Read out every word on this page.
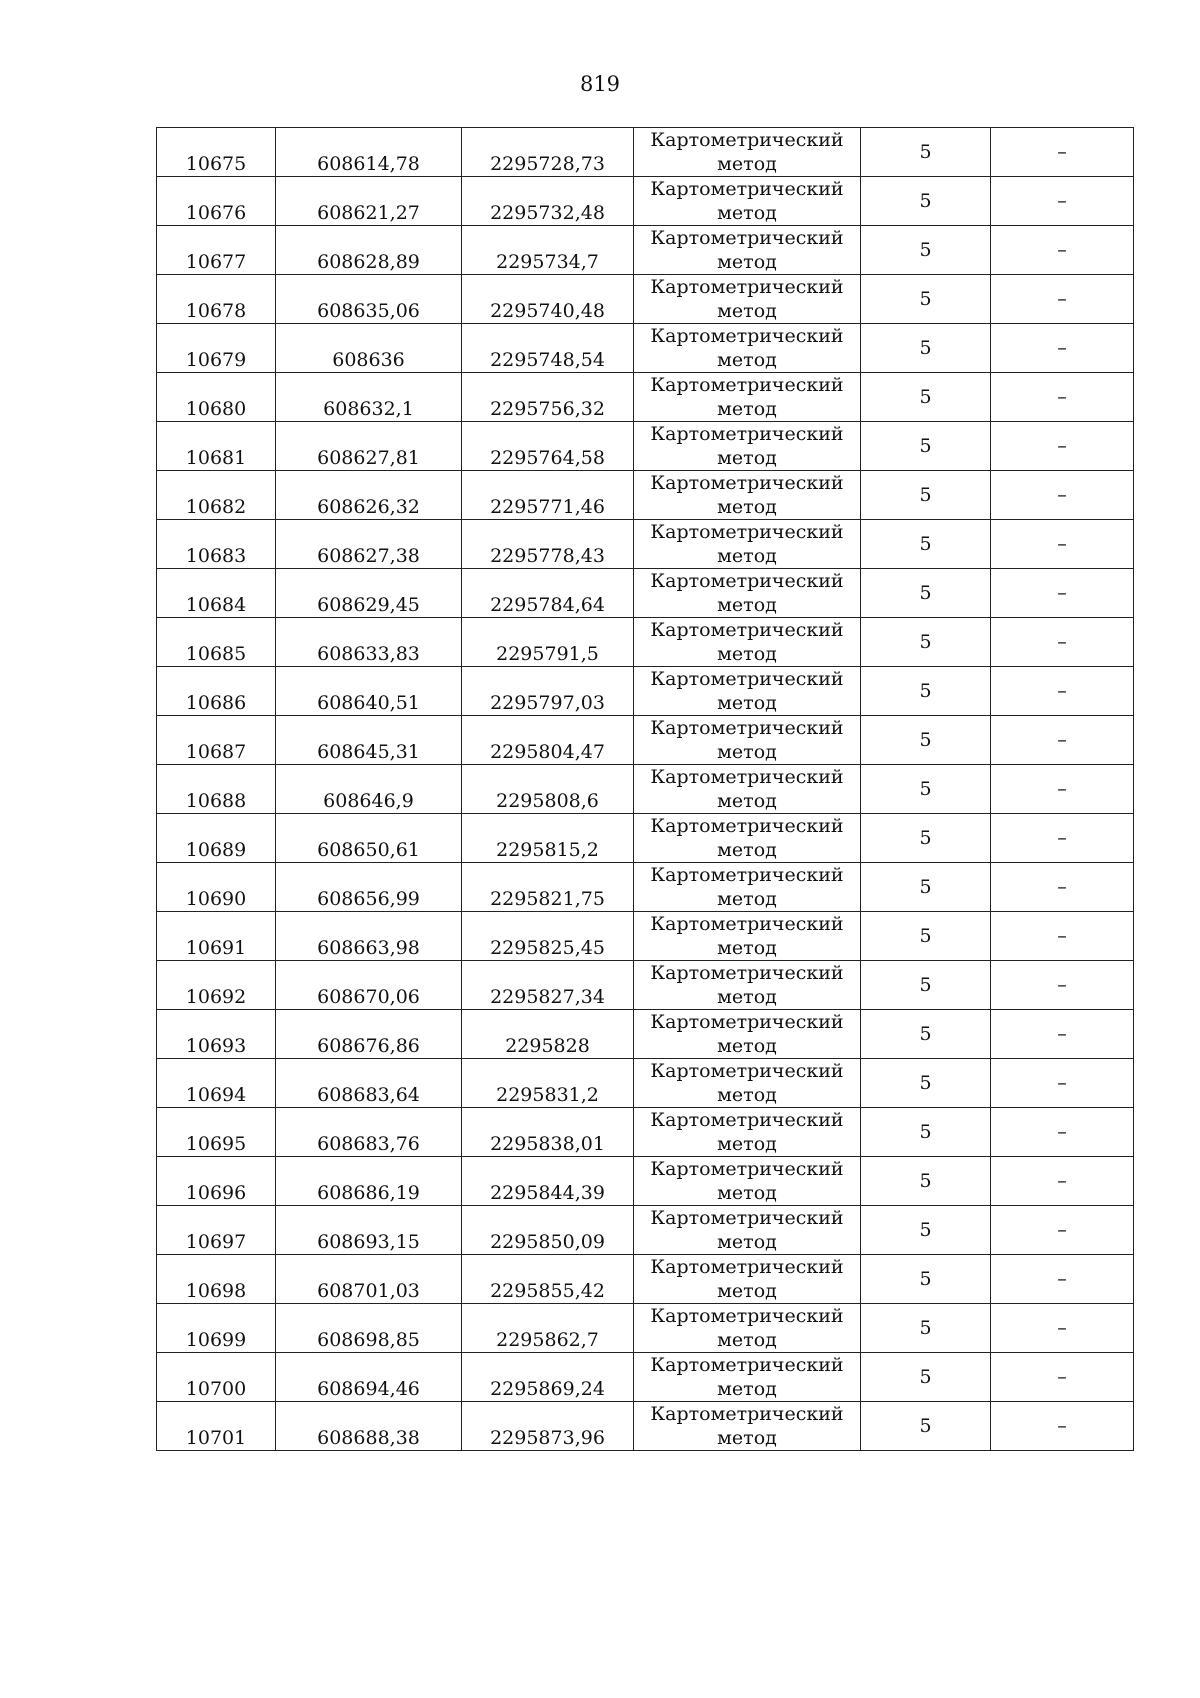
819
10675	608614,78	2295728,73	Картометрический
метод	5	–
10676	608621,27	2295732,48	Картометрический
метод	5	–
10677	608628,89	2295734,7	Картометрический
метод	5	–
10678	608635,06	2295740,48	Картометрический
метод	5	–
10679	608636	2295748,54	Картометрический
метод	5	–
10680	608632,1	2295756,32	Картометрический
метод	5	–
10681	608627,81	2295764,58	Картометрический
метод	5	–
10682	608626,32	2295771,46	Картометрический
метод	5	–
10683	608627,38	2295778,43	Картометрический
метод	5	–
10684	608629,45	2295784,64	Картометрический
метод	5	–
10685	608633,83	2295791,5	Картометрический
метод	5	–
10686	608640,51	2295797,03	Картометрический
метод	5	–
10687	608645,31	2295804,47	Картометрический
метод	5	–
10688	608646,9	2295808,6	Картометрический
метод	5	–
10689	608650,61	2295815,2	Картометрический
метод	5	–
10690	608656,99	2295821,75	Картометрический
метод	5	–
10691	608663,98	2295825,45	Картометрический
метод	5	–
10692	608670,06	2295827,34	Картометрический
метод	5	–
10693	608676,86	2295828	Картометрический
метод	5	–
10694	608683,64	2295831,2	Картометрический
метод	5	–
10695	608683,76	2295838,01	Картометрический
метод	5	–
10696	608686,19	2295844,39	Картометрический
метод	5	–
10697	608693,15	2295850,09	Картометрический
метод	5	–
10698	608701,03	2295855,42	Картометрический
метод	5	–
10699	608698,85	2295862,7	Картометрический
метод	5	–
10700	608694,46	2295869,24	Картометрический
метод	5	–
10701	608688,38	2295873,96	Картометрический
метод	5	–
